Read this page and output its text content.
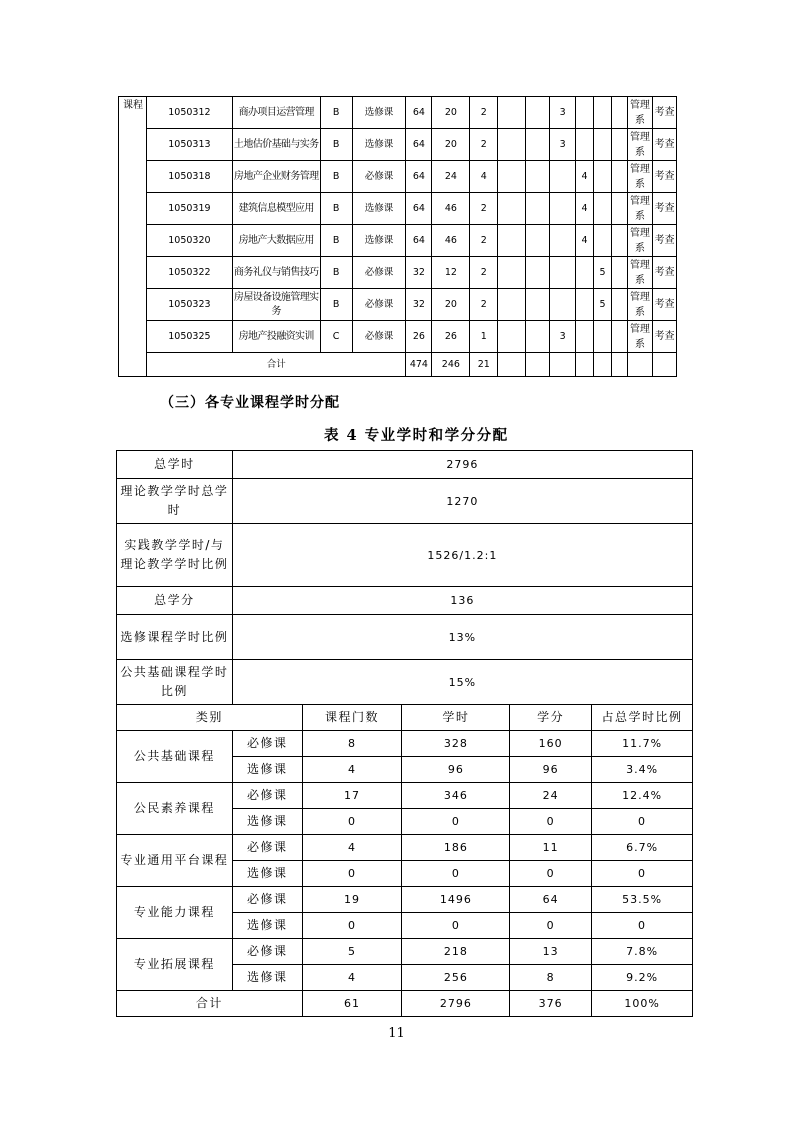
课程	1050312	商办项目运营管理	B	选修课	64	20	2			3				管理系	考查
	1050313	土地估价基础与实务	B	选修课	64	20	2			3				管理系	考查
	1050318	房地产企业财务管理	B	必修课	64	24	4				4			管理系	考查
	1050319	建筑信息模型应用	B	选修课	64	46	2				4			管理系	考查
	1050320	房地产大数据应用	B	选修课	64	46	2				4			管理系	考查
	1050322	商务礼仪与销售技巧	B	必修课	32	12	2					5		管理系	考查
	1050323	房屋设备设施管理实务	B	必修课	32	20	2					5		管理系	考查
	1050325	房地产投融资实训	C	必修课	26	26	1			3				管理系	考查
	合计				474	246	21								
（三）各专业课程学时分配
表 4 专业学时和学分分配
总学时	2796				
理论教学学时总学时	1270				
实践教学学时/与理论教学学时比例	1526/1.2:1				
总学分	136				
选修课程学时比例	13%				
公共基础课程学时比例	15%				
类别		课程门数	学时	学分	占总学时比例
公共基础课程	必修课	8	328	160	11.7%
	选修课	4	96	96	3.4%
公民素养课程	必修课	17	346	24	12.4%
	选修课	0	0	0	0
专业通用平台课程	必修课	4	186	11	6.7%
	选修课	0	0	0	0
专业能力课程	必修课	19	1496	64	53.5%
	选修课	0	0	0	0
专业拓展课程	必修课	5	218	13	7.8%
	选修课	4	256	8	9.2%
合计		61	2796	376	100%
11
